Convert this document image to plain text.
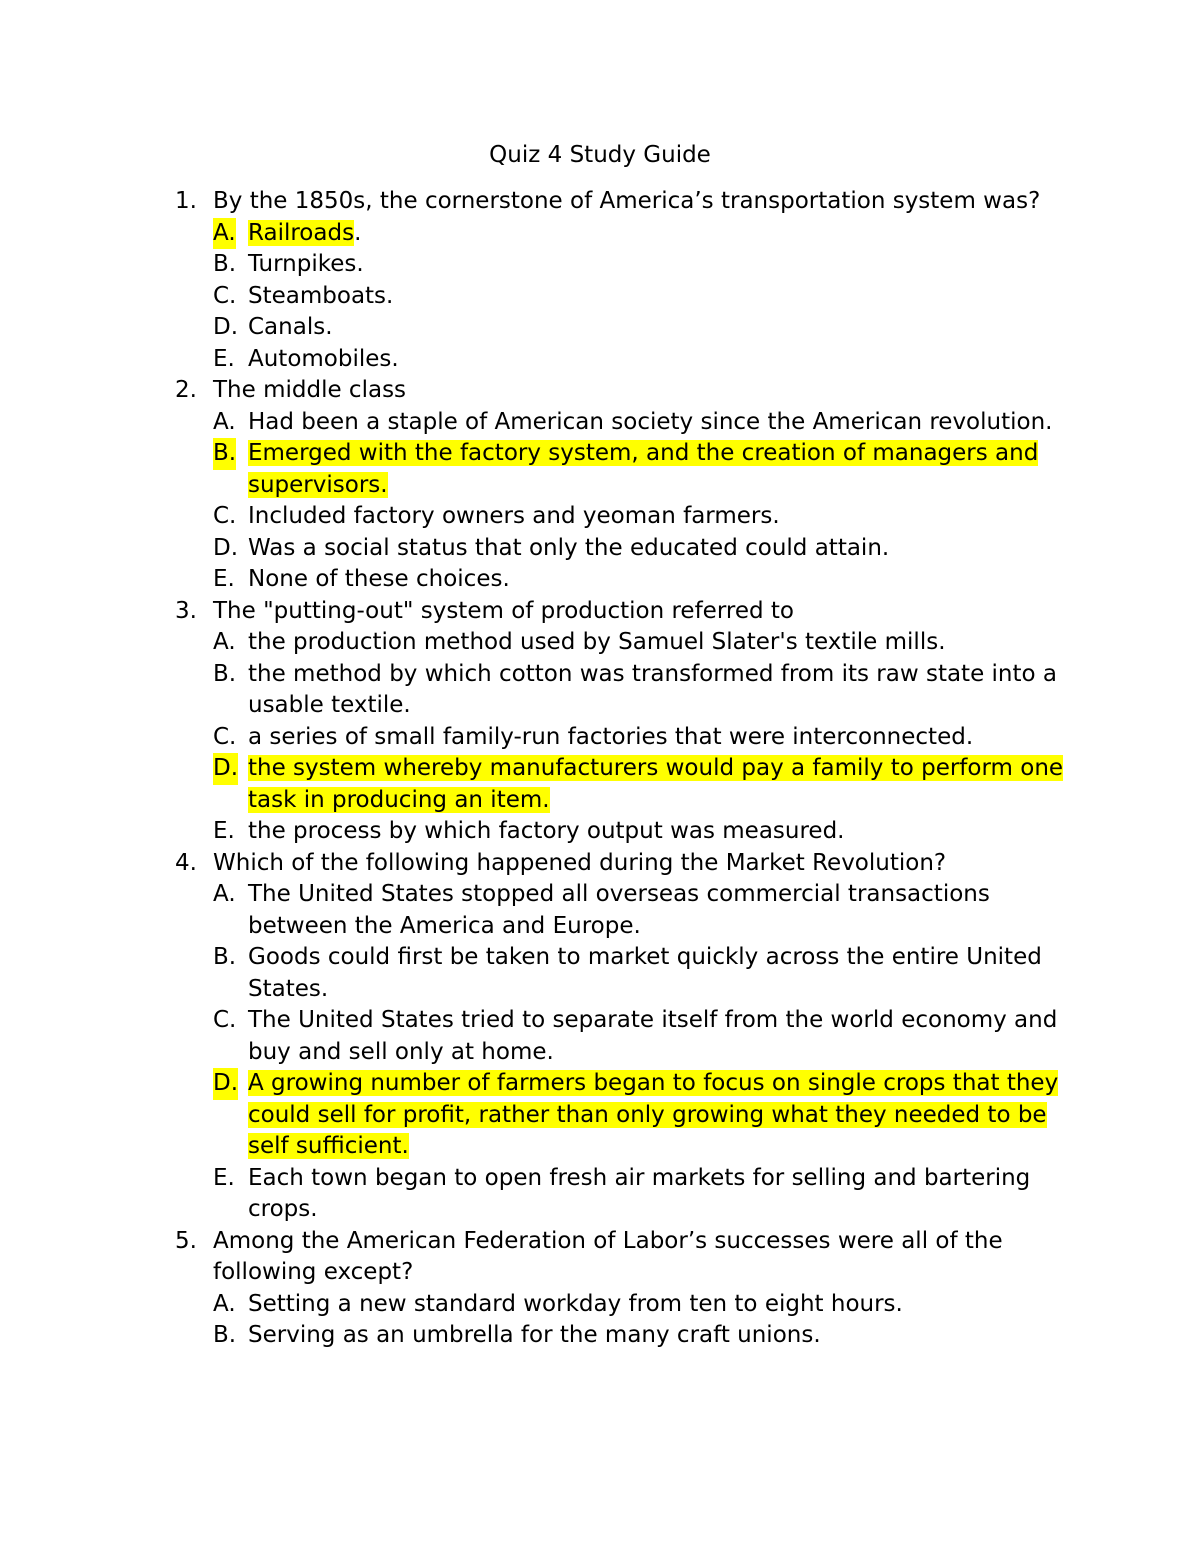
Quiz 4 Study Guide
1. By the 1850s, the cornerstone of America’s transportation system was?
A. Railroads.
B. Turnpikes.
C. Steamboats.
D. Canals.
E. Automobiles.
2. The middle class
A. Had been a staple of American society since the American revolution.
B. Emerged with the factory system, and the creation of managers and supervisors.
C. Included factory owners and yeoman farmers.
D. Was a social status that only the educated could attain.
E. None of these choices.
3. The "putting-out" system of production referred to
A. the production method used by Samuel Slater's textile mills.
B. the method by which cotton was transformed from its raw state into a usable textile.
C. a series of small family-run factories that were interconnected.
D. the system whereby manufacturers would pay a family to perform one task in producing an item.
E. the process by which factory output was measured.
4. Which of the following happened during the Market Revolution?
A. The United States stopped all overseas commercial transactions between the America and Europe.
B. Goods could first be taken to market quickly across the entire United States.
C. The United States tried to separate itself from the world economy and buy and sell only at home.
D. A growing number of farmers began to focus on single crops that they could sell for profit, rather than only growing what they needed to be self sufficient.
E. Each town began to open fresh air markets for selling and bartering crops.
5. Among the American Federation of Labor’s successes were all of the following except?
A. Setting a new standard workday from ten to eight hours.
B. Serving as an umbrella for the many craft unions.
